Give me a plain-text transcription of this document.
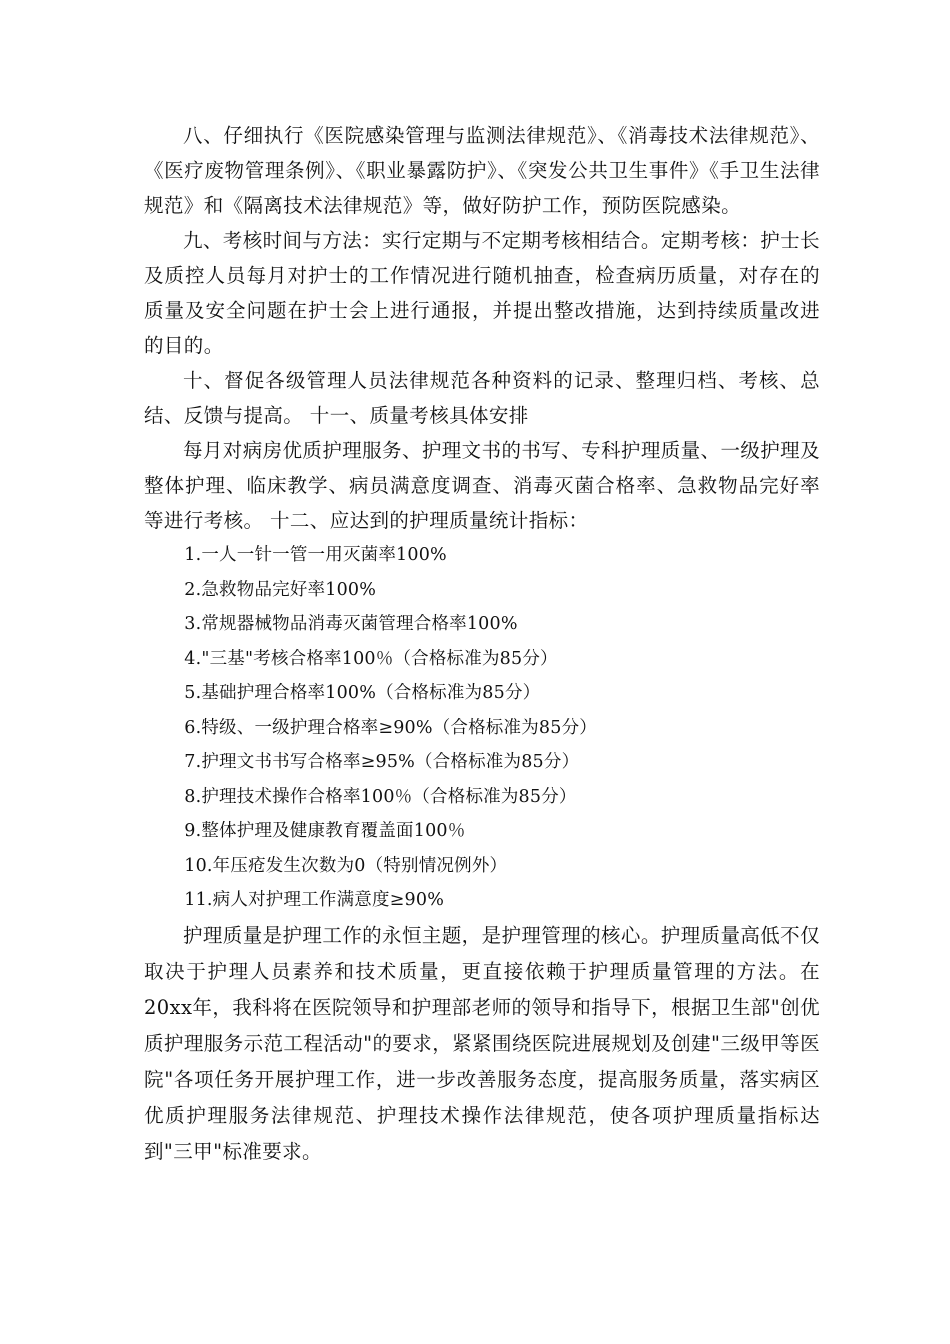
八、仔细执行《医院感染管理与监测法律规范》、《消毒技术法律规范》、《医疗废物管理条例》、《职业暴露防护》、《突发公共卫生事件》《手卫生法律规范》和《隔离技术法律规范》等，做好防护工作，预防医院感染。

九、考核时间与方法：实行定期与不定期考核相结合。定期考核：护士长及质控人员每月对护士的工作情况进行随机抽查，检查病历质量，对存在的质量及安全问题在护士会上进行通报，并提出整改措施，达到持续质量改进的目的。

十、督促各级管理人员法律规范各种资料的记录、整理归档、考核、总结、反馈与提高。 十一、质量考核具体安排

每月对病房优质护理服务、护理文书的书写、专科护理质量、一级护理及整体护理、临床教学、病员满意度调查、消毒灭菌合格率、急救物品完好率等进行考核。 十二、应达到的护理质量统计指标：

1.一人一针一管一用灭菌率100%
2.急救物品完好率100%
3.常规器械物品消毒灭菌管理合格率100%
4."三基"考核合格率100％（合格标准为85分）
5.基础护理合格率100%（合格标准为85分）
6.特级、一级护理合格率≥90%（合格标准为85分）
7.护理文书书写合格率≥95%（合格标准为85分）
8.护理技术操作合格率100％（合格标准为85分）
9.整体护理及健康教育覆盖面100％
10.年压疮发生次数为0（特别情况例外）
11.病人对护理工作满意度≥90%

护理质量是护理工作的永恒主题，是护理管理的核心。护理质量高低不仅取决于护理人员素养和技术质量，更直接依赖于护理质量管理的方法。在20xx年，我科将在医院领导和护理部老师的领导和指导下，根据卫生部"创优质护理服务示范工程活动"的要求，紧紧围绕医院进展规划及创建"三级甲等医院"各项任务开展护理工作，进一步改善服务态度，提高服务质量，落实病区优质护理服务法律规范、护理技术操作法律规范，使各项护理质量指标达到"三甲"标准要求。
